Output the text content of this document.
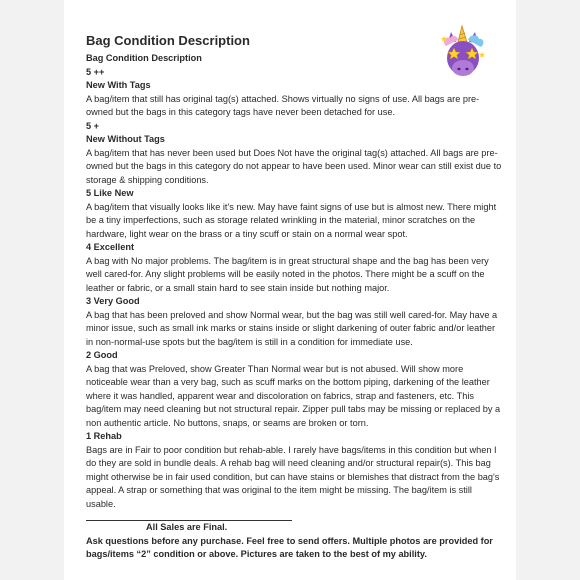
Bag Condition Description
Bag Condition Description
5 ++
New With Tags
A bag/item that still has original tag(s) attached. Shows virtually no signs of use. All bags are pre-owned but the bags in this category tags have never been detached for use.
5 +
New Without Tags
A bag/item that has never been used but Does Not have the original tag(s) attached. All bags are pre-owned but the bags in this category do not appear to have been used. Minor wear can still exist due to storage & shipping conditions.
5 Like New
A bag/item that visually looks like it's new. May have faint signs of use but is almost new. There might be a tiny imperfections, such as storage related wrinkling in the material, minor scratches on the hardware, light wear on the brass or a tiny scuff or stain on a normal wear spot.
4 Excellent
A bag with No major problems. The bag/item is in great structural shape and the bag has been very well cared-for. Any slight problems will be easily noted in the photos. There might be a scuff on the leather or fabric, or a small stain hard to see stain inside but nothing major.
3 Very Good
A bag that has been preloved and show Normal wear, but the bag was still well cared-for. May have a minor issue, such as small ink marks or stains inside or slight darkening of outer fabric and/or leather in non-normal-use spots but the bag/item is still in a condition for immediate use.
2 Good
A bag that was Preloved, show Greater Than Normal wear but is not abused. Will show more noticeable wear than a very bag, such as scuff marks on the bottom piping, darkening of the leather where it was handled, apparent wear and discoloration on fabrics, strap and fasteners, etc. This bag/item may need cleaning but not structural repair. Zipper pull tabs may be missing or replaced by a non authentic article. No buttons, snaps, or seams are broken or torn.
1 Rehab
Bags are in Fair to poor condition but rehab-able. I rarely have bags/items in this condition but when I do they are sold in bundle deals. A rehab bag will need cleaning and/or structural repair(s). This bag might otherwise be in fair used condition, but can have stains or blemishes that distract from the bag's appeal. A strap or something that was original to the item might be missing. The bag/item is still usable.
All Sales are Final.
Ask questions before any purchase. Feel free to send offers. Multiple photos are provided for bags/items “2” condition or above. Pictures are taken to the best of my ability.
